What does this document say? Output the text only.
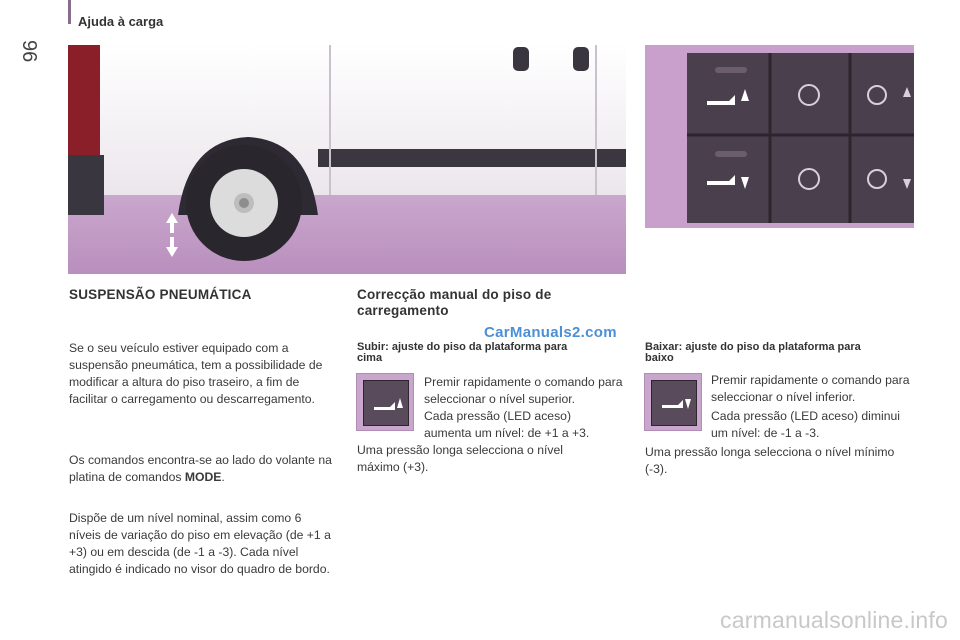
96
Ajuda à carga
SUSPENSÃO PNEUMÁTICA

Se o seu veículo estiver equipado com a suspensão pneumática, tem a possibilidade de modificar a altura do piso traseiro, a fim de facilitar o carregamento ou descarregamento.

Os comandos encontra-se ao lado do volante na platina de comandos MODE.

Dispõe de um nível nominal, assim como 6 níveis de variação do piso em elevação (de +1 a +3) ou em descida (de -1 a -3). Cada nível atingido é indicado no visor do quadro de bordo.

Correcção manual do piso de
carregamento
CarManuals2.com

Subir: ajuste do piso da plataforma para
cima

Premir rapidamente o comando para seleccionar o nível superior.

Cada pressão (LED aceso) aumenta um nível: de +1 a +3.

Uma pressão longa selecciona o nível máximo (+3).

Baixar: ajuste do piso da plataforma para
baixo

Premir rapidamente o comando para seleccionar o nível inferior.

Cada pressão (LED aceso) diminui um nível: de -1 a -3.

Uma pressão longa selecciona o nível mínimo (-3).

carmanualsonline.info
